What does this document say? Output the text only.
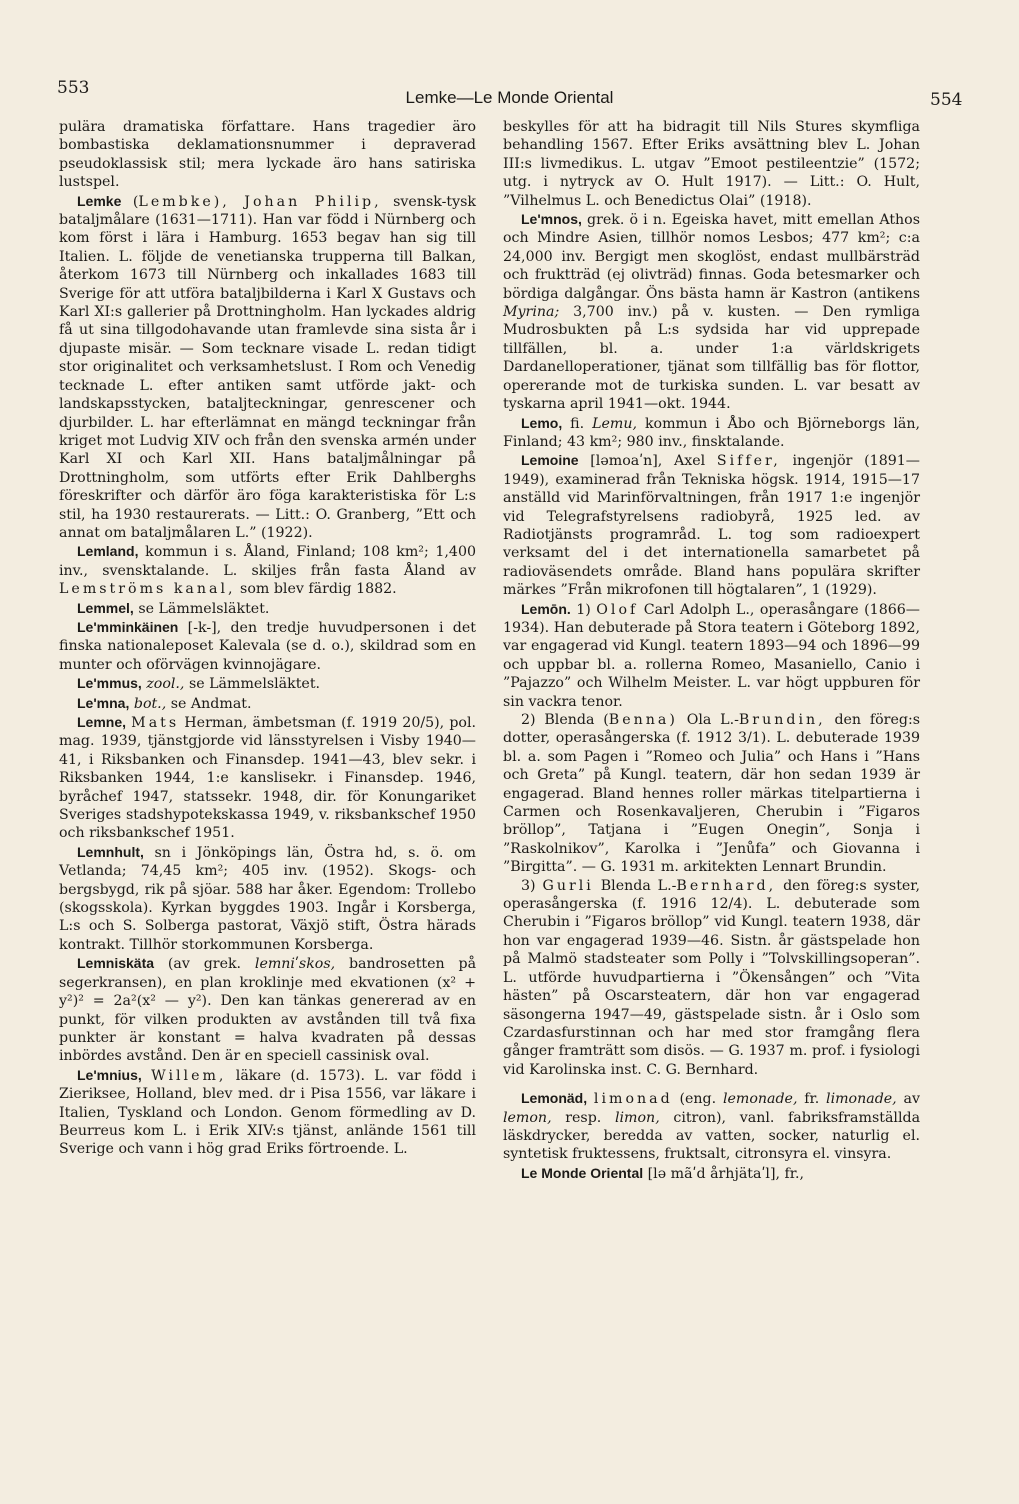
553	Lemke—Le Monde Oriental	554

pulära dramatiska författare. Hans tragedier äro bombastiska deklamationsnummer i depraverad pseudoklassisk stil; mera lyckade äro hans satiriska lustspel.

Lemke (Lembke), Johan Philip, svensk-tysk bataljmålare (1631—1711). Han var född i Nürnberg och kom först i lära i Hamburg. 1653 begav han sig till Italien. L. följde de venetianska trupperna till Balkan, återkom 1673 till Nürnberg och inkallades 1683 till Sverige för att utföra bataljbilderna i Karl X Gustavs och Karl XI:s gallerier på Drottningholm. Han lyckades aldrig få ut sina tillgodohavande utan framlevde sina sista år i djupaste misär. — Som tecknare visade L. redan tidigt stor originalitet och verksamhetslust. I Rom och Venedig tecknade L. efter antiken samt utförde jakt- och landskapsstycken, bataljteckningar, genrescener och djurbilder. L. har efterlämnat en mängd teckningar från kriget mot Ludvig XIV och från den svenska armén under Karl XI och Karl XII. Hans bataljmålningar på Drottningholm, som utförts efter Erik Dahlberghs föreskrifter och därför äro föga karakteristiska för L:s stil, ha 1930 restaurerats. — Litt.: O. Granberg, ”Ett och annat om bataljmålaren L.” (1922).

Lemland, kommun i s. Åland, Finland; 108 km²; 1,400 inv., svensktalande. L. skiljes från fasta Åland av Lemströms kanal, som blev färdig 1882.

Lemmel, se Lämmelsläktet.

Leʹmminkäinen [-k-], den tredje huvudpersonen i det finska nationaleposet Kalevala (se d. o.), skildrad som en munter och oförvägen kvinnojägare.

Leʹmmus, zool., se Lämmelsläktet.

Leʹmna, bot., se Andmat.

Lemne, Mats Herman, ämbetsman (f. 1919 20/5), pol. mag. 1939, tjänstgjorde vid länsstyrelsen i Visby 1940—41, i Riksbanken och Finansdep. 1941—43, blev sekr. i Riksbanken 1944, 1:e kanslisekr. i Finansdep. 1946, byråchef 1947, statssekr. 1948, dir. för Konungariket Sveriges stadshypotekskassa 1949, v. riksbankschef 1950 och riksbankschef 1951.

Lemnhult, sn i Jönköpings län, Östra hd, s. ö. om Vetlanda; 74,45 km²; 405 inv. (1952). Skogs- och bergsbygd, rik på sjöar. 588 har åker. Egendom: Trollebo (skogsskola). Kyrkan byggdes 1903. Ingår i Korsberga, L:s och S. Solberga pastorat, Växjö stift, Östra härads kontrakt. Tillhör storkommunen Korsberga.

Lemniskäta (av grek. lemniʹskos, bandrosetten på segerkransen), en plan kroklinje med ekvationen (x² + y²)² = 2a²(x² — y²). Den kan tänkas genererad av en punkt, för vilken produkten av avstånden till två fixa punkter är konstant = halva kvadraten på dessas inbördes avstånd. Den är en speciell cassinisk oval.

Leʹmnius, Willem, läkare (d. 1573). L. var född i Zieriksee, Holland, blev med. dr i Pisa 1556, var läkare i Italien, Tyskland och London. Genom förmedling av D. Beurreus kom L. i Erik XIV:s tjänst, anlände 1561 till Sverige och vann i hög grad Eriks förtroende. L.

beskylles för att ha bidragit till Nils Stures skymfliga behandling 1567. Efter Eriks avsättning blev L. Johan III:s livmedikus. L. utgav ”Emoot pestileentzie” (1572; utg. i nytryck av O. Hult 1917). — Litt.: O. Hult, ”Vilhelmus L. och Benedictus Olai” (1918).

Leʹmnos, grek. ö i n. Egeiska havet, mitt emellan Athos och Mindre Asien, tillhör nomos Lesbos; 477 km²; c:a 24,000 inv. Bergigt men skoglöst, endast mullbärsträd och fruktträd (ej olivträd) finnas. Goda betesmarker och bördiga dalgångar. Öns bästa hamn är Kastron (antikens Myrina; 3,700 inv.) på v. kusten. — Den rymliga Mudrosbukten på L:s sydsida har vid upprepade tillfällen, bl. a. under 1:a världskrigets Dardanelloperationer, tjänat som tillfällig bas för flottor, opererande mot de turkiska sunden. L. var besatt av tyskarna april 1941—okt. 1944.

Lemo, fi. Lemu, kommun i Åbo och Björneborgs län, Finland; 43 km²; 980 inv., finsktalande.

Lemoine [ləmoaʹn], Axel Siffer, ingenjör (1891—1949), examinerad från Tekniska högsk. 1914, 1915—17 anställd vid Marinförvaltningen, från 1917 1:e ingenjör vid Telegrafstyrelsens radiobyrå, 1925 led. av Radiotjänsts programråd. L. tog som radioexpert verksamt del i det internationella samarbetet på radioväsendets område. Bland hans populära skrifter märkes ”Från mikrofonen till högtalaren”, 1 (1929).

Lemōn. 1) Olof Carl Adolph L., operasångare (1866—1934). Han debuterade på Stora teatern i Göteborg 1892, var engagerad vid Kungl. teatern 1893—94 och 1896—99 och uppbar bl. a. rollerna Romeo, Masaniello, Canio i ”Pajazzo” och Wilhelm Meister. L. var högt uppburen för sin vackra tenor.

2) Blenda (Benna) Ola L.-Brundin, den föreg:s dotter, operasångerska (f. 1912 3/1). L. debuterade 1939 bl. a. som Pagen i ”Romeo och Julia” och Hans i ”Hans och Greta” på Kungl. teatern, där hon sedan 1939 är engagerad. Bland hennes roller märkas titelpartierna i Carmen och Rosenkavaljeren, Cherubin i ”Figaros bröllop”, Tatjana i ”Eugen Onegin”, Sonja i ”Raskolnikov”, Karolka i ”Jenůfa” och Giovanna i ”Birgitta”. — G. 1931 m. arkitekten Lennart Brundin.

3) Gurli Blenda L.-Bernhard, den föreg:s syster, operasångerska (f. 1916 12/4). L. debuterade som Cherubin i ”Figaros bröllop” vid Kungl. teatern 1938, där hon var engagerad 1939—46. Sistn. år gästspelade hon på Malmö stadsteater som Polly i ”Tolvskillingsoperan”. L. utförde huvudpartierna i ”Ökensången” och ”Vita hästen” på Oscarsteatern, där hon var engagerad säsongerna 1947—49, gästspelade sistn. år i Oslo som Czardasfurstinnan och har med stor framgång flera gånger framträtt som disös. — G. 1937 m. prof. i fysiologi vid Karolinska inst. C. G. Bernhard.

Lemonäd, limonad (eng. lemonade, fr. limonade, av lemon, resp. limon, citron), vanl. fabriksframställda läskdrycker, beredda av vatten, socker, naturlig el. syntetisk fruktessens, fruktsalt, citronsyra el. vinsyra.

Le Monde Oriental [lə mãʹd århjätaʹl], fr.,
